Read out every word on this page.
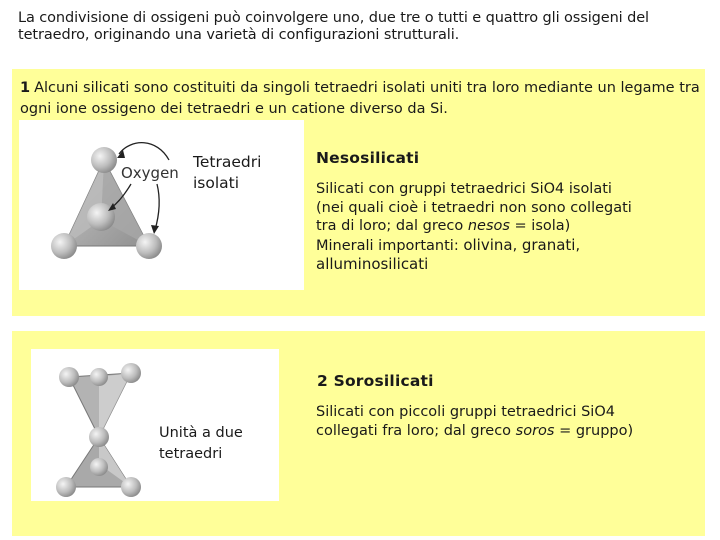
La condivisione di ossigeni può coinvolgere uno, due tre o tutti e quattro gli ossigeni del tetraedro, originando una varietà di configurazioni strutturali.
1 Alcuni silicati sono costituiti da singoli tetraedri isolati uniti tra loro mediante un legame tra ogni ione ossigeno dei tetraedri e un catione diverso da Si.
Oxygen
Tetraedri
isolati
Nesosilicati
Silicati con gruppi tetraedrici SiO4 isolati
(nei quali cioè i tetraedri non sono collegati
tra di loro; dal greco nesos = isola)
Minerali importanti: olivina, granati,
alluminosilicati
Unità a due
tetraedri
2 Sorosilicati
Silicati con piccoli gruppi tetraedrici SiO4
collegati fra loro; dal greco soros = gruppo)
